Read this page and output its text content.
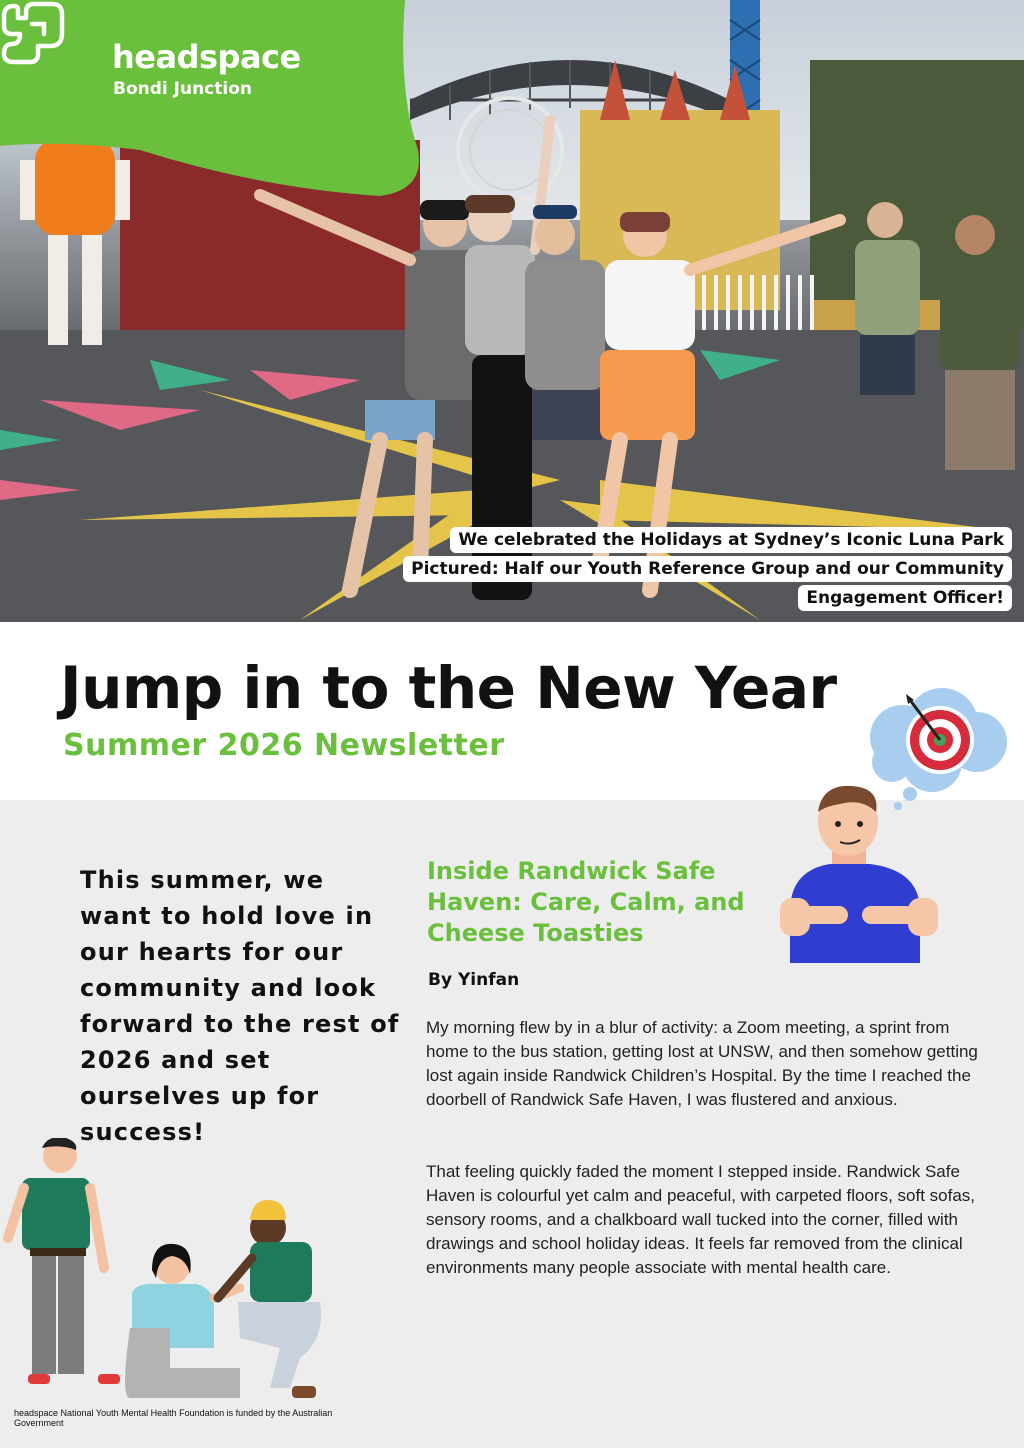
headspace
Bondi Junction
We celebrated the Holidays at Sydney’s Iconic Luna Park
Pictured: Half our Youth Reference Group and our Community
Engagement Officer!
Jump in to the New Year
Summer 2026 Newsletter
This summer, we want to hold love in our hearts for our community and look forward to the rest of 2026 and set ourselves up for success!
Inside Randwick Safe Haven: Care, Calm, and Cheese Toasties
By Yinfan
My morning flew by in a blur of activity: a Zoom meeting, a sprint from home to the bus station, getting lost at UNSW, and then somehow getting lost again inside Randwick Children’s Hospital. By the time I reached the doorbell of Randwick Safe Haven, I was flustered and anxious.
That feeling quickly faded the moment I stepped inside. Randwick Safe Haven is colourful yet calm and peaceful, with carpeted floors, soft sofas, sensory rooms, and a chalkboard wall tucked into the corner, filled with drawings and school holiday ideas. It feels far removed from the clinical environments many people associate with mental health care.
headspace National Youth Mental Health Foundation is funded by the Australian Government
